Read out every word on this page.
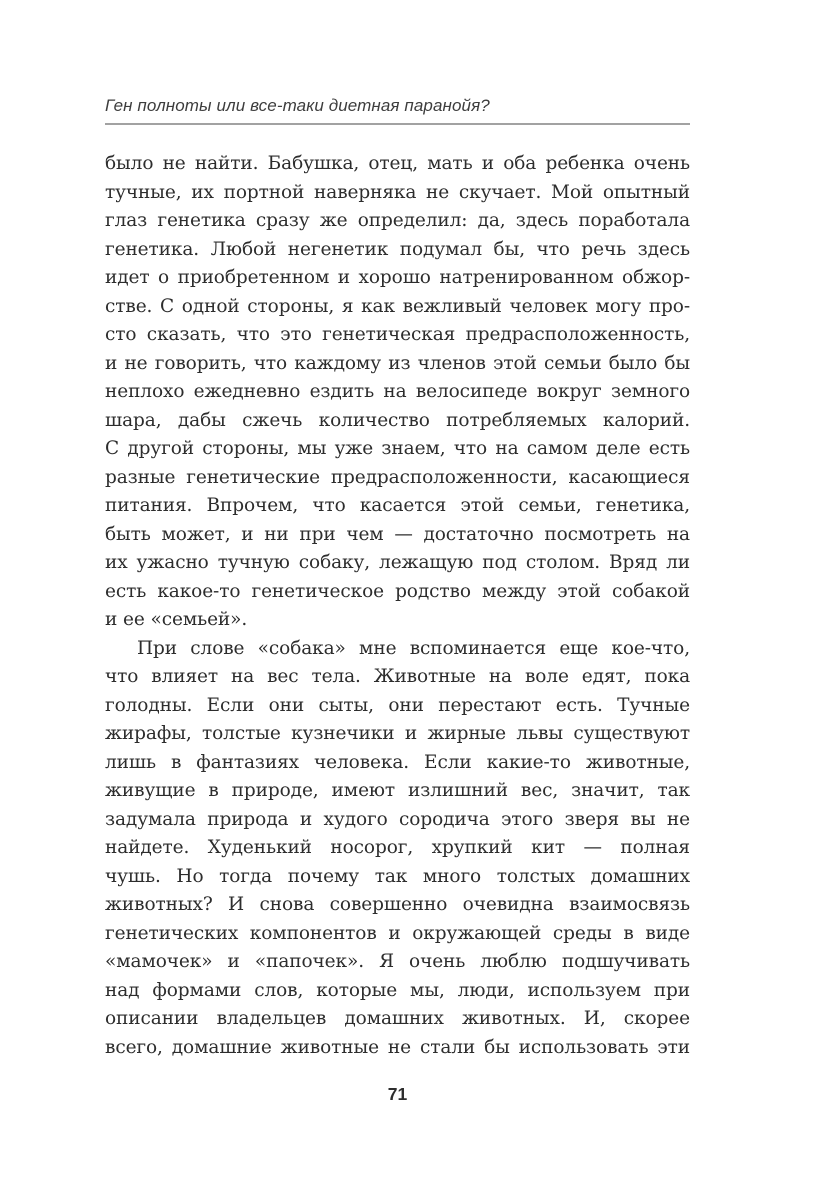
Ген полноты или все-таки диетная паранойя?
было не найти. Бабушка, отец, мать и оба ребенка очень
тучные, их портной наверняка не скучает. Мой опытный
глаз генетика сразу же определил: да, здесь поработала
генетика. Любой негенетик подумал бы, что речь здесь
идет о приобретенном и хорошо натренированном обжор-
стве. С одной стороны, я как вежливый человек могу про-
сто сказать, что это генетическая предрасположенность,
и не говорить, что каждому из членов этой семьи было бы
неплохо ежедневно ездить на велосипеде вокруг земного
шара, дабы сжечь количество потребляемых калорий.
С другой стороны, мы уже знаем, что на самом деле есть
разные генетические предрасположенности, касающиеся
питания. Впрочем, что касается этой семьи, генетика,
быть может, и ни при чем — достаточно посмотреть на
их ужасно тучную собаку, лежащую под столом. Вряд ли
есть какое-то генетическое родство между этой собакой
и ее «семьей».
При слове «собака» мне вспоминается еще кое-что,
что влияет на вес тела. Животные на воле едят, пока
голодны. Если они сыты, они перестают есть. Тучные
жирафы, толстые кузнечики и жирные львы существуют
лишь в фантазиях человека. Если какие-то животные,
живущие в природе, имеют излишний вес, значит, так
задумала природа и худого сородича этого зверя вы не
найдете. Худенький носорог, хрупкий кит — полная
чушь. Но тогда почему так много толстых домашних
животных? И снова совершенно очевидна взаимосвязь
генетических компонентов и окружающей среды в виде
«мамочек» и «папочек». Я очень люблю подшучивать
над формами слов, которые мы, люди, используем при
описании владельцев домашних животных. И, скорее
всего, домашние животные не стали бы использовать эти
71
